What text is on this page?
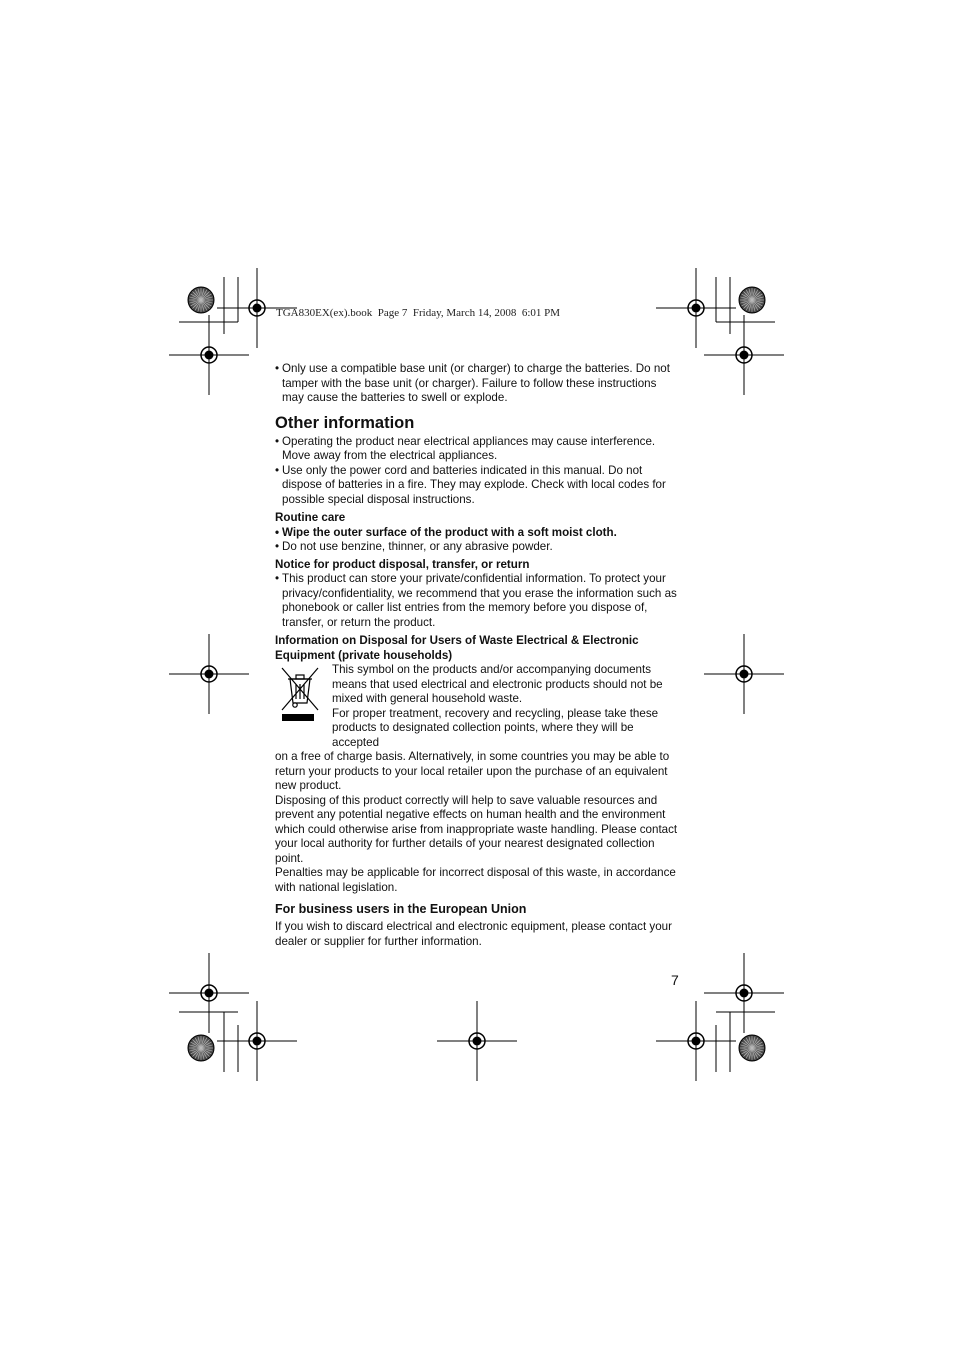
TGA830EX(ex).book  Page 7  Friday, March 14, 2008  6:01 PM
• Only use a compatible base unit (or charger) to charge the batteries. Do not tamper with the base unit (or charger). Failure to follow these instructions may cause the batteries to swell or explode.
Other information
• Operating the product near electrical appliances may cause interference. Move away from the electrical appliances.
• Use only the power cord and batteries indicated in this manual. Do not dispose of batteries in a fire. They may explode. Check with local codes for possible special disposal instructions.
Routine care
• Wipe the outer surface of the product with a soft moist cloth.
• Do not use benzine, thinner, or any abrasive powder.
Notice for product disposal, transfer, or return
• This product can store your private/confidential information. To protect your privacy/confidentiality, we recommend that you erase the information such as phonebook or caller list entries from the memory before you dispose of, transfer, or return the product.
Information on Disposal for Users of Waste Electrical & Electronic Equipment (private households)

This symbol on the products and/or accompanying documents means that used electrical and electronic products should not be mixed with general household waste.

For proper treatment, recovery and recycling, please take these products to designated collection points, where they will be accepted

on a free of charge basis. Alternatively, in some countries you may be able to return your products to your local retailer upon the purchase of an equivalent new product.

Disposing of this product correctly will help to save valuable resources and prevent any potential negative effects on human health and the environment which could otherwise arise from inappropriate waste handling. Please contact your local authority for further details of your nearest designated collection point.

Penalties may be applicable for incorrect disposal of this waste, in accordance with national legislation.

For business users in the European Union

If you wish to discard electrical and electronic equipment, please contact your dealer or supplier for further information.

7
